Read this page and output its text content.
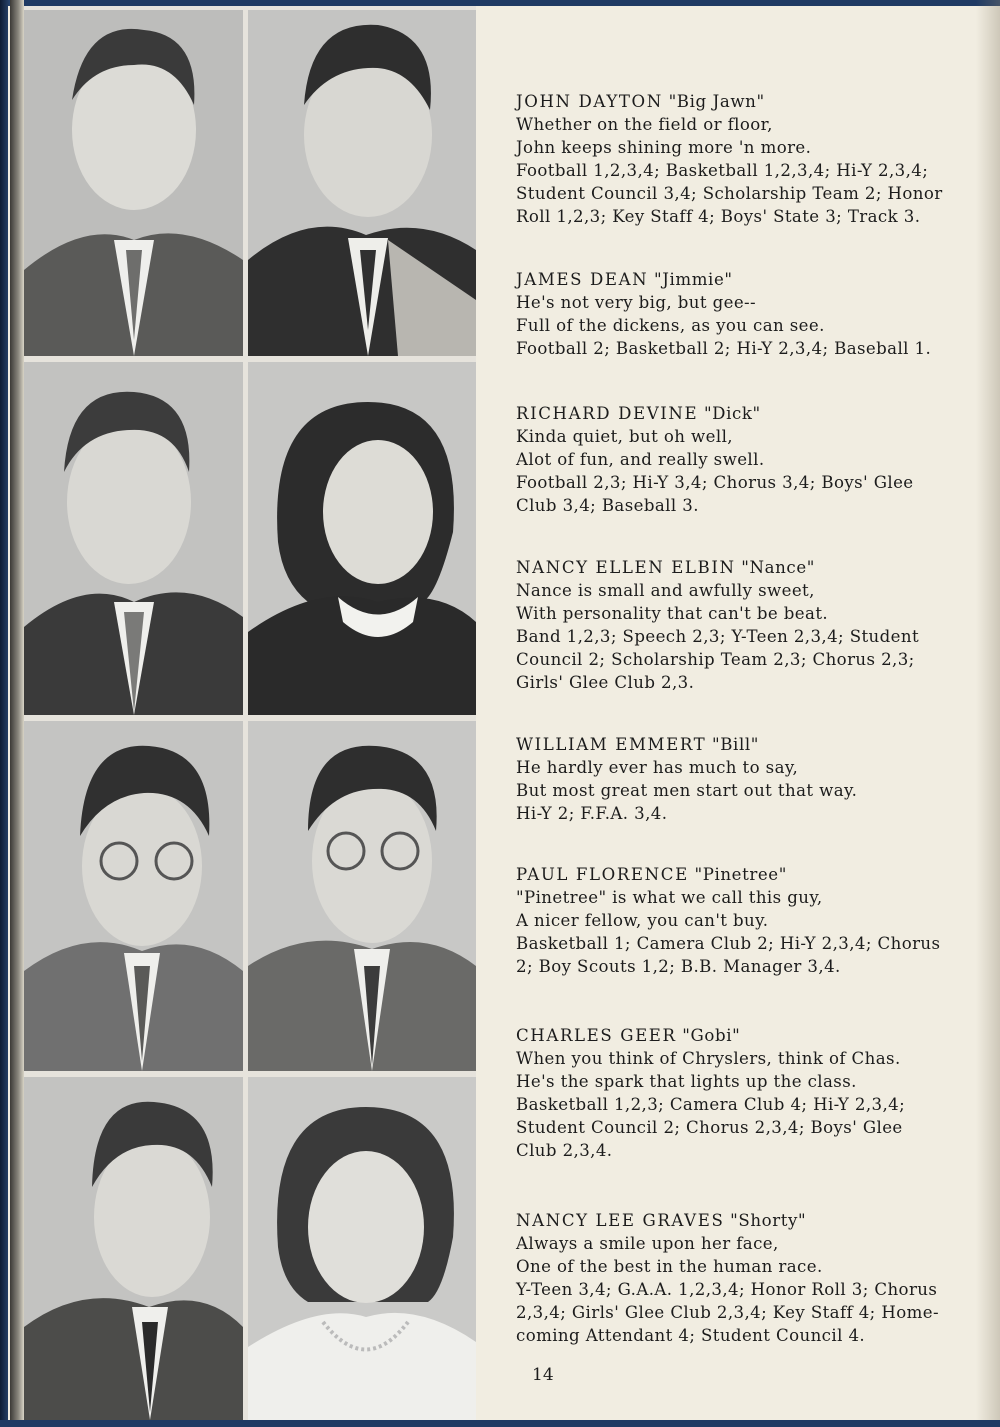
JOHN DAYTON "Big Jawn"
Whether on the field or floor,
John keeps shining more 'n more.
Football 1,2,3,4; Basketball 1,2,3,4; Hi-Y 2,3,4;
Student Council 3,4; Scholarship Team 2; Honor
Roll 1,2,3; Key Staff 4; Boys' State 3; Track 3.
JAMES DEAN "Jimmie"
He's not very big, but gee--
Full of the dickens, as you can see.
Football 2; Basketball 2; Hi-Y 2,3,4; Baseball 1.
RICHARD DEVINE "Dick"
Kinda quiet, but oh well,
Alot of fun, and really swell.
Football 2,3; Hi-Y 3,4; Chorus 3,4; Boys' Glee
Club 3,4; Baseball 3.
NANCY ELLEN ELBIN "Nance"
Nance is small and awfully sweet,
With personality that can't be beat.
Band 1,2,3; Speech 2,3; Y-Teen 2,3,4; Student
Council 2; Scholarship Team 2,3; Chorus 2,3;
Girls' Glee Club 2,3.
WILLIAM EMMERT "Bill"
He hardly ever has much to say,
But most great men start out that way.
Hi-Y 2; F.F.A. 3,4.
PAUL FLORENCE "Pinetree"
"Pinetree" is what we call this guy,
A nicer fellow, you can't buy.
Basketball 1; Camera Club 2; Hi-Y 2,3,4; Chorus
2; Boy Scouts 1,2; B.B. Manager 3,4.
CHARLES GEER "Gobi"
When you think of Chryslers, think of Chas.
He's the spark that lights up the class.
Basketball 1,2,3; Camera Club 4; Hi-Y 2,3,4;
Student Council 2; Chorus 2,3,4; Boys' Glee
Club 2,3,4.
NANCY LEE GRAVES "Shorty"
Always a smile upon her face,
One of the best in the human race.
Y-Teen 3,4; G.A.A. 1,2,3,4; Honor Roll 3; Chorus
2,3,4; Girls' Glee Club 2,3,4; Key Staff 4; Home-
coming Attendant 4; Student Council 4.
14
